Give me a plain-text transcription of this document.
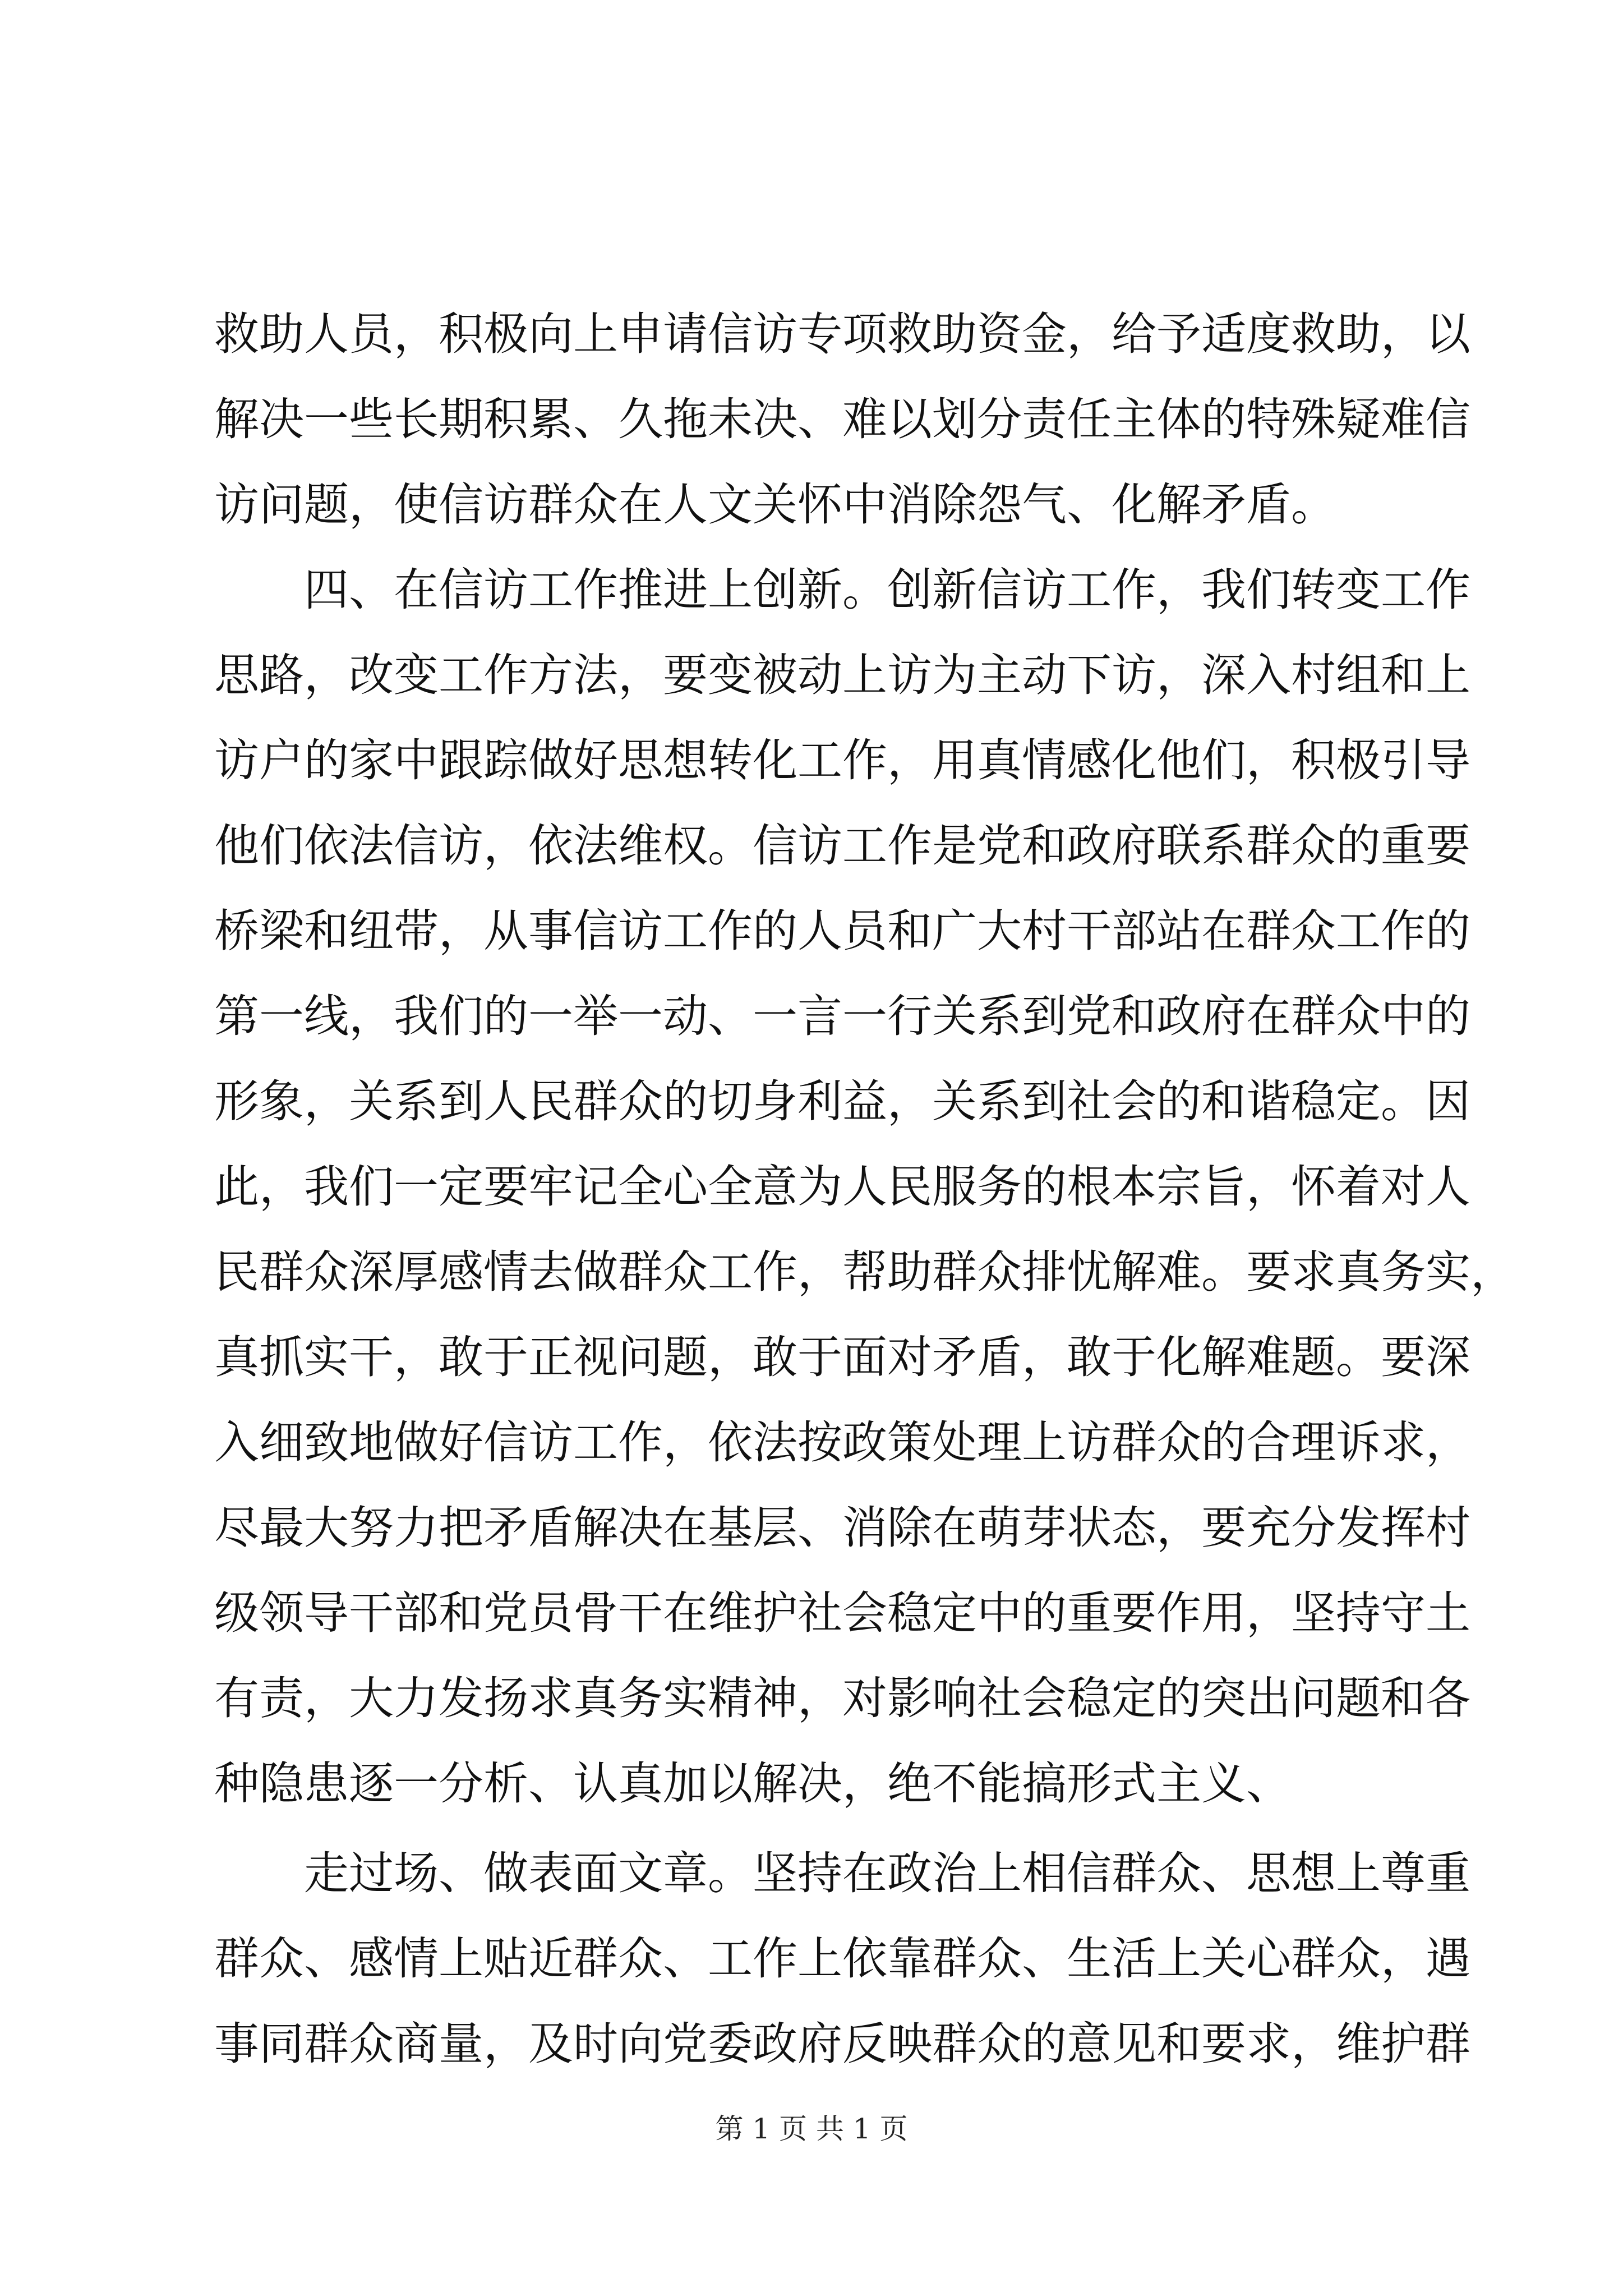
救助人员，积极向上申请信访专项救助资金，给予适度救助，以
解决一些长期积累、久拖未决、难以划分责任主体的特殊疑难信
访问题，使信访群众在人文关怀中消除怨气、化解矛盾。
　　四、在信访工作推进上创新。创新信访工作，我们转变工作
思路，改变工作方法，要变被动上访为主动下访，深入村组和上
访户的家中跟踪做好思想转化工作，用真情感化他们，积极引导
他们依法信访，依法维权。信访工作是党和政府联系群众的重要
桥梁和纽带，从事信访工作的人员和广大村干部站在群众工作的
第一线，我们的一举一动、一言一行关系到党和政府在群众中的
形象，关系到人民群众的切身利益，关系到社会的和谐稳定。因
此，我们一定要牢记全心全意为人民服务的根本宗旨，怀着对人
民群众深厚感情去做群众工作，帮助群众排忧解难。要求真务实，
真抓实干，敢于正视问题，敢于面对矛盾，敢于化解难题。要深
入细致地做好信访工作，依法按政策处理上访群众的合理诉求，
尽最大努力把矛盾解决在基层、消除在萌芽状态，要充分发挥村
级领导干部和党员骨干在维护社会稳定中的重要作用，坚持守土
有责，大力发扬求真务实精神，对影响社会稳定的突出问题和各
种隐患逐一分析、认真加以解决，绝不能搞形式主义、
　　走过场、做表面文章。坚持在政治上相信群众、思想上尊重
群众、感情上贴近群众、工作上依靠群众、生活上关心群众，遇
事同群众商量，及时向党委政府反映群众的意见和要求，维护群
第 1 页 共 1 页
